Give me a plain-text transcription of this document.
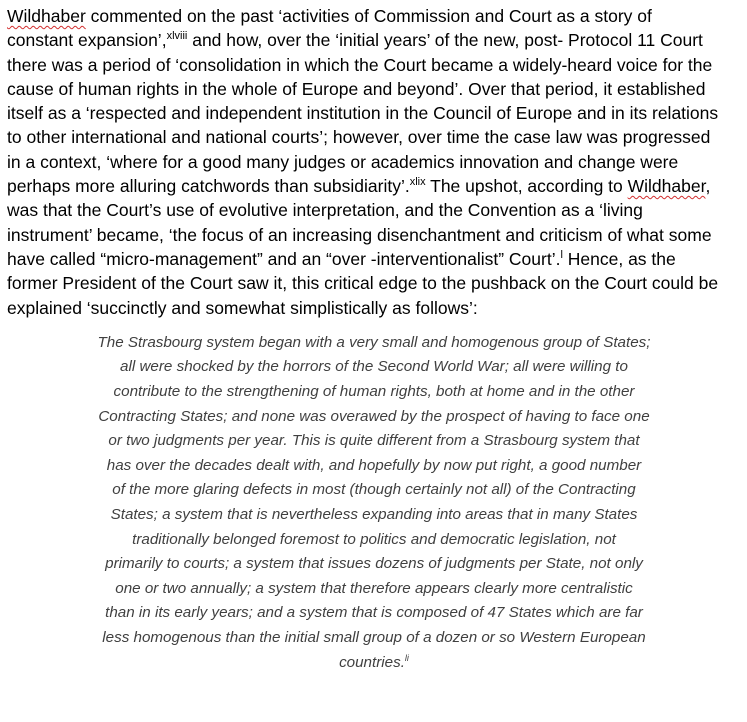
Wildhaber commented on the past ‘activities of Commission and Court as a story of
constant expansion’,$^{xlviii}$ and how, over the ‘initial years’ of the new, post- Protocol 11 Court
there was a period of ‘consolidation in which the Court became a widely-heard voice for the
cause of human rights in the whole of Europe and beyond’. Over that period, it established
itself as a ‘respected and independent institution in the Council of Europe and in its relations
to other international and national courts’; however, over time the case law was progressed
in a context, ‘where for a good many judges or academics innovation and change were
perhaps more alluring catchwords than subsidiarity’.$^{xlix}$ The upshot, according to Wildhaber,
was that the Court’s use of evolutive interpretation, and the Convention as a ‘living
instrument’ became, ‘the focus of an increasing disenchantment and criticism of what some
have called “micro-management” and an “over -interventionalist” Court’.$^l$ Hence, as the
former President of the Court saw it, this critical edge to the pushback on the Court could be
explained ‘succinctly and somewhat simplistically as follows’:
The Strasbourg system began with a very small and homogenous group of States;
all were shocked by the horrors of the Second World War; all were willing to
contribute to the strengthening of human rights, both at home and in the other
Contracting States; and none was overawed by the prospect of having to face one
or two judgments per year. This is quite different from a Strasbourg system that
has over the decades dealt with, and hopefully by now put right, a good number
of the more glaring defects in most (though certainly not all) of the Contracting
States; a system that is nevertheless expanding into areas that in many States
traditionally belonged foremost to politics and democratic legislation, not
primarily to courts; a system that issues dozens of judgments per State, not only
one or two annually; a system that therefore appears clearly more centralistic
than in its early years; and a system that is composed of 47 States which are far
less homogenous than the initial small group of a dozen or so Western European
countries.$^{li}$
